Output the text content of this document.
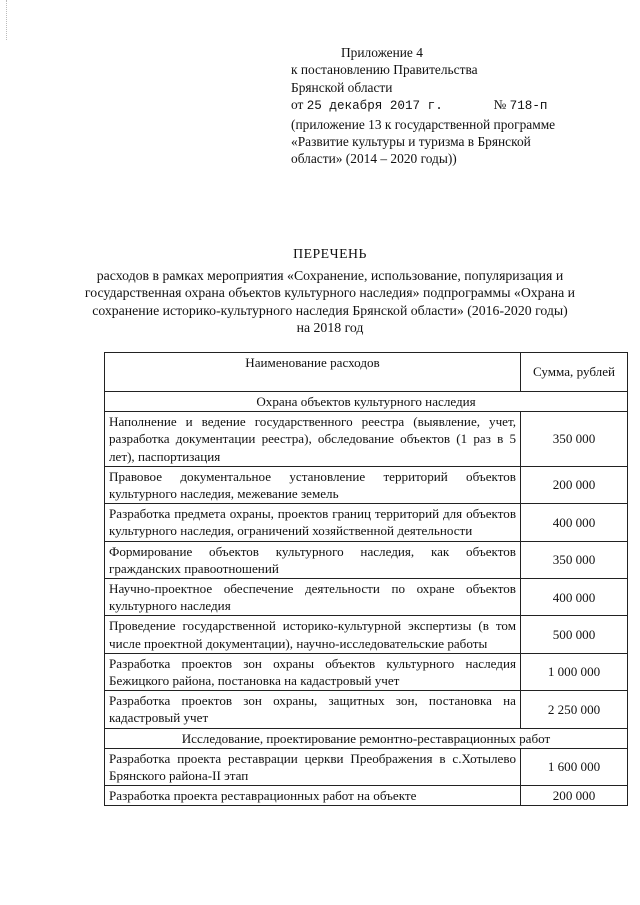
Приложение 4
к постановлению Правительства
Брянской области
от 25 декабря 2017 г.	№ 718-п
(приложение 13 к государственной программе
«Развитие культуры и туризма в Брянской
области» (2014 – 2020 годы))
ПЕРЕЧЕНЬ
расходов в рамках мероприятия «Сохранение, использование, популяризация и
государственная охрана объектов культурного наследия» подпрограммы «Охрана и
сохранение историко-культурного наследия Брянской области» (2016-2020 годы)
на 2018 год
Наименование расходов	Сумма, рублей
Охрана объектов культурного наследия	
Наполнение и ведение государственного реестра (выявление, учет, разработка документации реестра), обследование объектов (1 раз в 5 лет), паспортизация	350 000
Правовое документальное установление территорий объектов культурного наследия, межевание земель	200 000
Разработка предмета охраны, проектов границ территорий для объектов культурного наследия, ограничений хозяйственной деятельности	400 000
Формирование объектов культурного наследия, как объектов гражданских правоотношений	350 000
Научно-проектное обеспечение деятельности по охране объектов культурного наследия	400 000
Проведение государственной историко-культурной экспертизы (в том числе проектной документации), научно-исследовательские работы	500 000
Разработка проектов зон охраны объектов культурного наследия Бежицкого района, постановка на кадастровый учет	1 000 000
Разработка проектов зон охраны, защитных зон, постановка на кадастровый учет	2 250 000
Исследование, проектирование ремонтно-реставрационных работ	
Разработка проекта реставрации церкви Преображения в с.Хотылево Брянского района-II этап	1 600 000
Разработка проекта реставрационных работ на объекте	200 000
